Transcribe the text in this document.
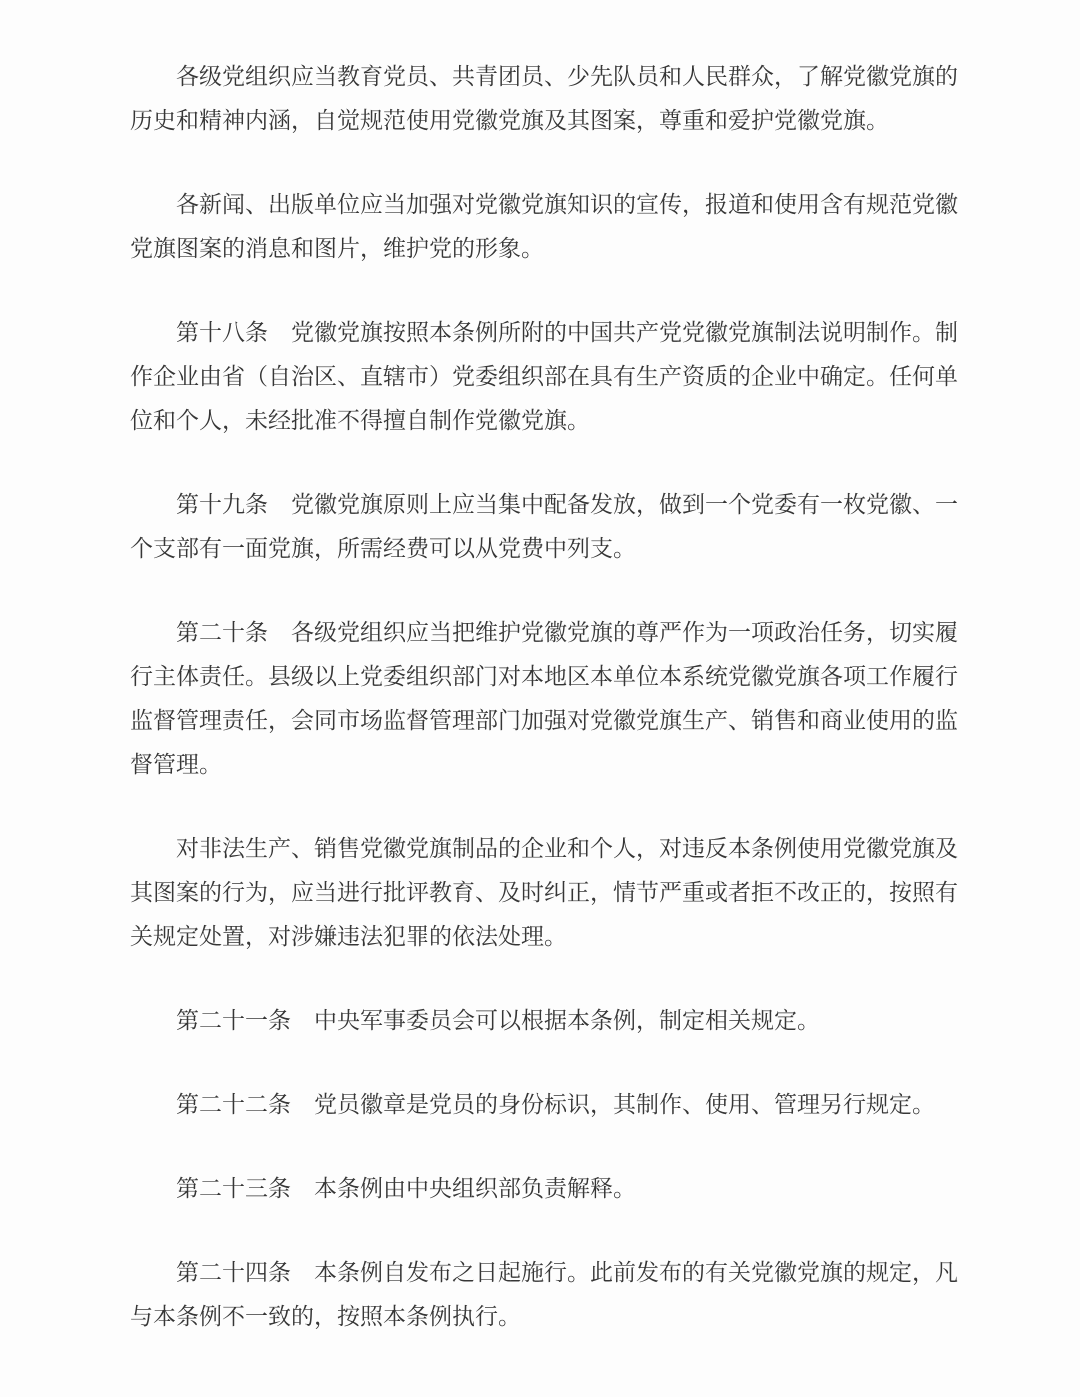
各级党组织应当教育党员、共青团员、少先队员和人民群众，了解党徽党旗的历史和精神内涵，自觉规范使用党徽党旗及其图案，尊重和爱护党徽党旗。

各新闻、出版单位应当加强对党徽党旗知识的宣传，报道和使用含有规范党徽党旗图案的消息和图片，维护党的形象。

第十八条　党徽党旗按照本条例所附的中国共产党党徽党旗制法说明制作。制作企业由省（自治区、直辖市）党委组织部在具有生产资质的企业中确定。任何单位和个人，未经批准不得擅自制作党徽党旗。

第十九条　党徽党旗原则上应当集中配备发放，做到一个党委有一枚党徽、一个支部有一面党旗，所需经费可以从党费中列支。

第二十条　各级党组织应当把维护党徽党旗的尊严作为一项政治任务，切实履行主体责任。县级以上党委组织部门对本地区本单位本系统党徽党旗各项工作履行监督管理责任，会同市场监督管理部门加强对党徽党旗生产、销售和商业使用的监督管理。

对非法生产、销售党徽党旗制品的企业和个人，对违反本条例使用党徽党旗及其图案的行为，应当进行批评教育、及时纠正，情节严重或者拒不改正的，按照有关规定处置，对涉嫌违法犯罪的依法处理。

第二十一条　中央军事委员会可以根据本条例，制定相关规定。

第二十二条　党员徽章是党员的身份标识，其制作、使用、管理另行规定。

第二十三条　本条例由中央组织部负责解释。

第二十四条　本条例自发布之日起施行。此前发布的有关党徽党旗的规定，凡与本条例不一致的，按照本条例执行。
